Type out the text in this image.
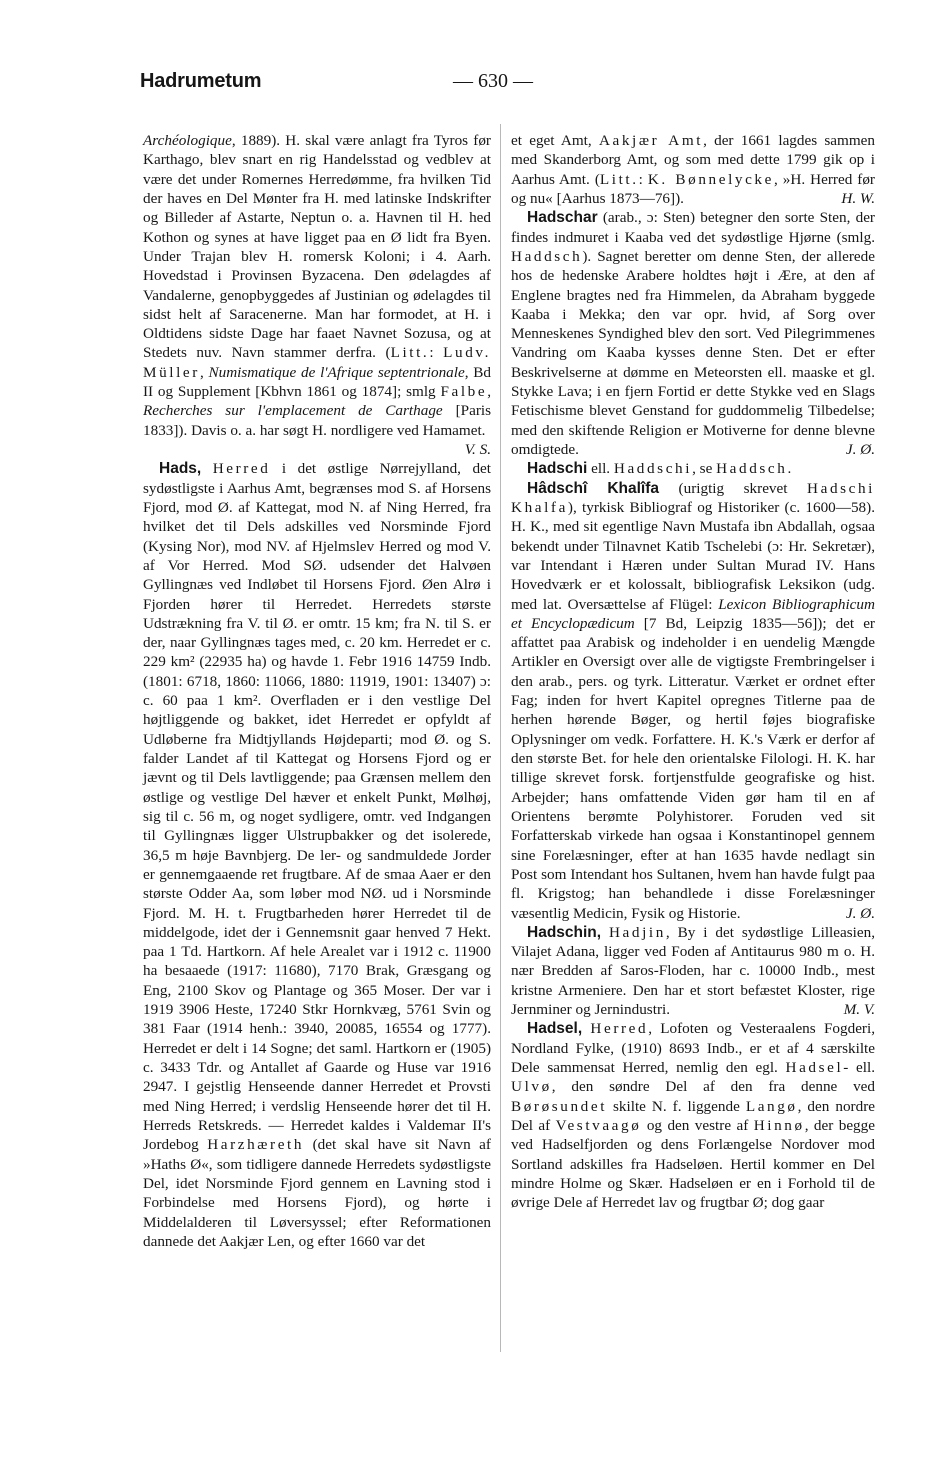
Hadrumetum	— 630 —

Archéologique, 1889). H. skal være anlagt fra Tyros før Karthago, blev snart en rig Handelsstad og vedblev at være det under Romernes Herredømme, fra hvilken Tid der haves en Del Mønter fra H. med latinske Indskrifter og Billeder af Astarte, Neptun o. a. Havnen til H. hed Kothon og synes at have ligget paa en Ø lidt fra Byen. Under Trajan blev H. romersk Koloni; i 4. Aarh. Hovedstad i Provinsen Byzacena. Den ødelagdes af Vandalerne, genopbyggedes af Justinian og ødelagdes til sidst helt af Saracenerne. Man har formodet, at H. i Oldtidens sidste Dage har faaet Navnet Sozusa, og at Stedets nuv. Navn stammer derfra. (Litt.: Ludv. Müller, Numismatique de l'Afrique septentrionale, Bd II og Supplement [Kbhvn 1861 og 1874]; smlg Falbe, Recherches sur l'emplacement de Carthage [Paris 1833]). Davis o. a. har søgt H. nordligere ved Hamamet.

V. S.

Hads, Herred i det østlige Nørrejylland, det sydøstligste i Aarhus Amt, begrænses mod S. af Horsens Fjord, mod Ø. af Kattegat, mod N. af Ning Herred, fra hvilket det til Dels adskilles ved Norsminde Fjord (Kysing Nor), mod NV. af Hjelmslev Herred og mod V. af Vor Herred. Mod SØ. udsender det Halvøen Gyllingnæs ved Indløbet til Horsens Fjord. Øen Alrø i Fjorden hører til Herredet. Herredets største Udstrækning fra V. til Ø. er omtr. 15 km; fra N. til S. er der, naar Gyllingnæs tages med, c. 20 km. Herredet er c. 229 km² (22935 ha) og havde 1. Febr 1916 14759 Indb. (1801: 6718, 1860: 11066, 1880: 11919, 1901: 13407) ɔ: c. 60 paa 1 km². Overfladen er i den vestlige Del højtliggende og bakket, idet Herredet er opfyldt af Udløberne fra Midtjyllands Højdeparti; mod Ø. og S. falder Landet af til Kattegat og Horsens Fjord og er jævnt og til Dels lavtliggende; paa Grænsen mellem den østlige og vestlige Del hæver et enkelt Punkt, Mølhøj, sig til c. 56 m, og noget sydligere, omtr. ved Indgangen til Gyllingnæs ligger Ulstrupbakker og det isolerede, 36,5 m høje Bavnbjerg. De ler- og sandmuldede Jorder er gennemgaaende ret frugtbare. Af de smaa Aaer er den største Odder Aa, som løber mod NØ. ud i Norsminde Fjord. M. H. t. Frugtbarheden hører Herredet til de middelgode, idet der i Gennemsnit gaar henved 7 Hekt. paa 1 Td. Hartkorn. Af hele Arealet var i 1912 c. 11900 ha besaaede (1917: 11680), 7170 Brak, Græsgang og Eng, 2100 Skov og Plantage og 365 Moser. Der var i 1919 3906 Heste, 17240 Stkr Hornkvæg, 5761 Svin og 381 Faar (1914 henh.: 3940, 20085, 16554 og 1777). Herredet er delt i 14 Sogne; det saml. Hartkorn er (1905) c. 3433 Tdr. og Antallet af Gaarde og Huse var 1916 2947. I gejstlig Henseende danner Herredet et Provsti med Ning Herred; i verdslig Henseende hører det til H. Herreds Retskreds. — Herredet kaldes i Valdemar II's Jordebog Harzhæreth (det skal have sit Navn af »Haths Ø«, som tidligere dannede Herredets sydøstligste Del, idet Norsminde Fjord gennem en Lavning stod i Forbindelse med Horsens Fjord), og hørte i Middelalderen til Løversyssel; efter Reformationen dannede det Aakjær Len, og efter 1660 var det

et eget Amt, Aakjær Amt, der 1661 lagdes sammen med Skanderborg Amt, og som med dette 1799 gik op i Aarhus Amt. (Litt.: K. Bønnelycke, »H. Herred før og nu« [Aarhus 1873—76]).	H. W.

Hadschar (arab., ɔ: Sten) betegner den sorte Sten, der findes indmuret i Kaaba ved det sydøstlige Hjørne (smlg. Haddsch). Sagnet beretter om denne Sten, der allerede hos de hedenske Arabere holdtes højt i Ære, at den af Englene bragtes ned fra Himmelen, da Abraham byggede Kaaba i Mekka; den var opr. hvid, af Sorg over Menneskenes Syndighed blev den sort. Ved Pilegrimmenes Vandring om Kaaba kysses denne Sten. Det er efter Beskrivelserne at dømme en Meteorsten ell. maaske et gl. Stykke Lava; i en fjern Fortid er dette Stykke ved en Slags Fetischisme blevet Genstand for guddommelig Tilbedelse; med den skiftende Religion er Motiverne for denne blevne omdigtede.	J. Ø.

Hadschi ell. Haddschi, se Haddsch.

Hâdschî Khalîfa (urigtig skrevet Hadschi Khalfa), tyrkisk Bibliograf og Historiker (c. 1600—58). H. K., med sit egentlige Navn Mustafa ibn Abdallah, ogsaa bekendt under Tilnavnet Katib Tschelebi (ɔ: Hr. Sekretær), var Intendant i Hæren under Sultan Murad IV. Hans Hovedværk er et kolossalt, bibliografisk Leksikon (udg. med lat. Oversættelse af Flügel: Lexicon Bibliographicum et Encyclopædicum [7 Bd, Leipzig 1835—56]); det er affattet paa Arabisk og indeholder i en uendelig Mængde Artikler en Oversigt over alle de vigtigste Frembringelser i den arab., pers. og tyrk. Litteratur. Værket er ordnet efter Fag; inden for hvert Kapitel opregnes Titlerne paa de herhen hørende Bøger, og hertil føjes biografiske Oplysninger om vedk. Forfattere. H. K.'s Værk er derfor af den største Bet. for hele den orientalske Filologi. H. K. har tillige skrevet forsk. fortjenstfulde geografiske og hist. Arbejder; hans omfattende Viden gør ham til en af Orientens berømte Polyhistorer. Foruden ved sit Forfatterskab virkede han ogsaa i Konstantinopel gennem sine Forelæsninger, efter at han 1635 havde nedlagt sin Post som Intendant hos Sultanen, hvem han havde fulgt paa fl. Krigstog; han behandlede i disse Forelæsninger væsentlig Medicin, Fysik og Historie.	J. Ø.

Hadschin, Hadjin, By i det sydøstlige Lilleasien, Vilajet Adana, ligger ved Foden af Antitaurus 980 m o. H. nær Bredden af Saros-Floden, har c. 10000 Indb., mest kristne Armeniere. Den har et stort befæstet Kloster, rige Jernminer og Jernindustri.	M. V.

Hadsel, Herred, Lofoten og Vesteraalens Fogderi, Nordland Fylke, (1910) 8693 Indb., er et af 4 særskilte Dele sammensat Herred, nemlig den egl. Hadsel- ell. Ulvø, den søndre Del af den fra denne ved Børøsundet skilte N. f. liggende Langø, den nordre Del af Vestvaagø og den vestre af Hinnø, der begge ved Hadselfjorden og dens Forlængelse Nordover mod Sortland adskilles fra Hadseløen. Hertil kommer en Del mindre Holme og Skær. Hadseløen er en i Forhold til de øvrige Dele af Herredet lav og frugtbar Ø; dog gaar
